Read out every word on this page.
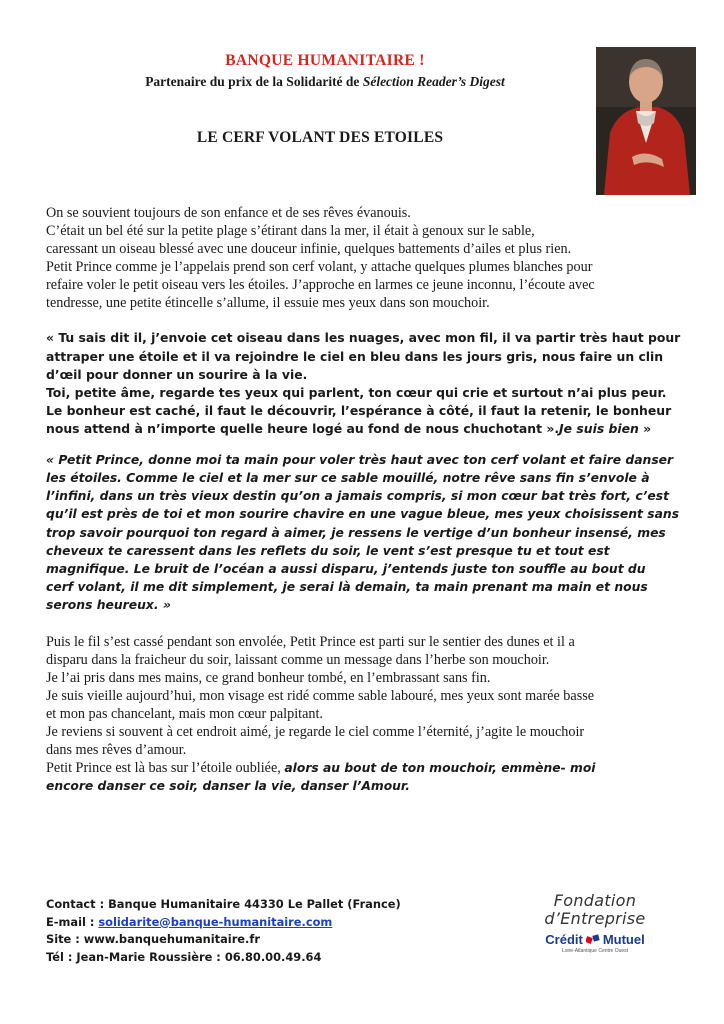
BANQUE HUMANITAIRE !
Partenaire du prix de la Solidarité de Sélection Reader’s Digest
LE CERF VOLANT DES ETOILES
On se souvient toujours de son enfance et de ses rêves évanouis.
C’était un bel été sur la petite plage s’étirant dans la mer, il était à genoux sur le sable,
caressant un oiseau blessé avec une douceur infinie, quelques battements d’ailes et plus rien.
Petit Prince comme je l’appelais prend son cerf volant, y attache quelques plumes blanches pour
refaire voler le petit oiseau vers les étoiles. J’approche en larmes ce jeune inconnu, l’écoute avec
tendresse, une petite étincelle s’allume, il essuie mes yeux dans son mouchoir.
« Tu sais dit il, j’envoie cet oiseau dans les nuages, avec mon fil, il va partir très haut pour
attraper une étoile et il va rejoindre le ciel en bleu dans les jours gris, nous faire un clin
d’œil pour donner un sourire à la vie.
Toi, petite âme, regarde tes yeux qui parlent, ton cœur qui crie et surtout n’ai plus peur.
Le bonheur est caché, il faut le découvrir, l’espérance à côté, il faut la retenir, le bonheur
nous attend à n’importe quelle heure logé au fond de nous chuchotant ».Je suis bien »
« Petit Prince, donne moi ta main pour voler très haut avec ton cerf volant et faire danser
les étoiles. Comme le ciel et la mer sur ce sable mouillé, notre rêve sans fin s’envole à
l’infini, dans un très vieux destin qu’on a jamais compris, si mon cœur bat très fort, c’est
qu’il est près de toi et mon sourire chavire en une vague bleue, mes yeux choisissent sans
trop savoir pourquoi ton regard à aimer, je ressens le vertige d’un bonheur insensé, mes
cheveux te caressent dans les reflets du soir, le vent s’est presque tu et tout est
magnifique. Le bruit de l’océan a aussi disparu, j’entends juste ton souffle au bout du
cerf volant, il me dit simplement, je serai là demain, ta main prenant ma main et nous
serons heureux. »
Puis le fil s’est cassé pendant son envolée, Petit Prince est parti sur le sentier des dunes et il a
disparu dans la fraicheur du soir, laissant comme un message dans l’herbe son mouchoir.
Je l’ai pris dans mes mains, ce grand bonheur tombé, en l’embrassant sans fin.
Je suis vieille aujourd’hui, mon visage est ridé comme sable labouré, mes yeux sont marée basse
et mon pas chancelant, mais mon cœur palpitant.
Je reviens si souvent à cet endroit aimé, je regarde le ciel comme l’éternité, j’agite le mouchoir
dans mes rêves d’amour.
Petit Prince est là bas sur l’étoile oubliée, alors au bout de ton mouchoir, emmène- moi
encore danser ce soir, danser la vie, danser l’Amour.
Contact : Banque Humanitaire 44330 Le Pallet (France)
E-mail : solidarite@banque-humanitaire.com
Site : www.banquehumanitaire.fr
Tél : Jean-Marie Roussière : 06.80.00.49.64
Fondation
d’Entreprise
Crédit Mutuel
Loire-Atlantique Centre Ouest
